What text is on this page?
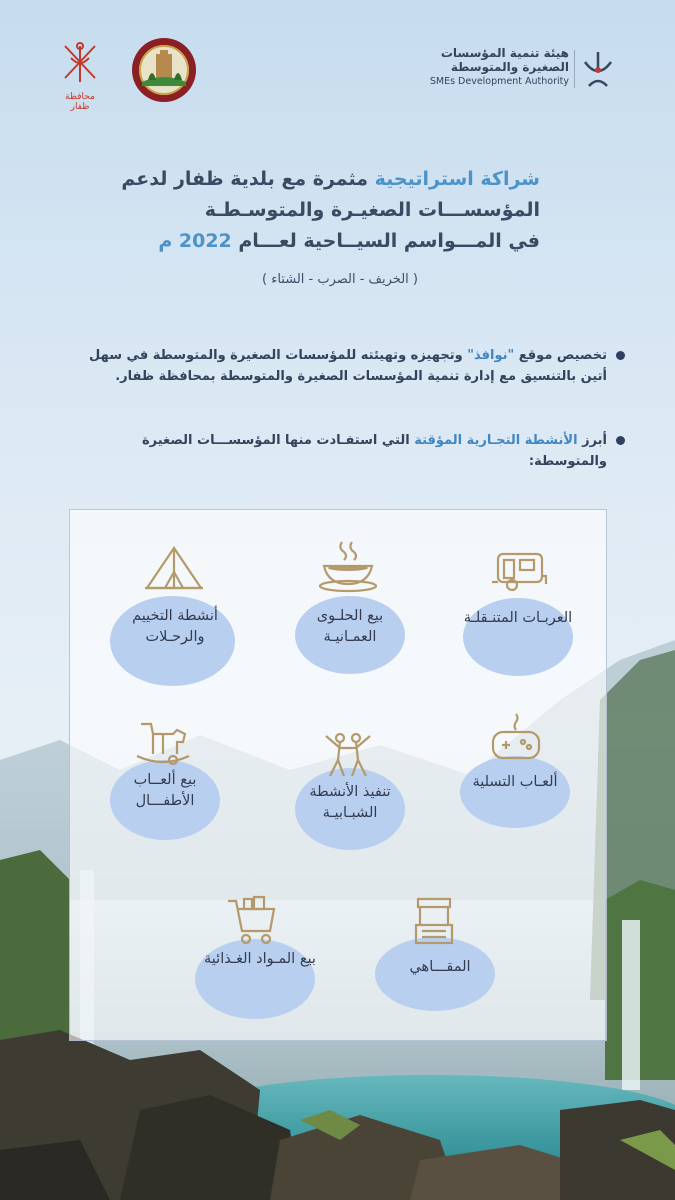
محافظة ظفار
هيئة تنمية المؤسسات
الصغيرة والمتوسطة
SMEs Development Authority
شراكة استراتيجية مثمرة مع بلدية ظفار لدعم
المؤسســـات الصغيـرة والمتوسـطـة
في المـــواسم السيــاحية لعـــام 2022 م
( الخريف - الصرب - الشتاء )
تخصيص موقع "نوافذ" وتجهيزه وتهيئته للمؤسسات الصغيرة والمتوسطة في سهل أتين بالتنسيق مع إدارة تنمية المؤسسات الصغيرة والمتوسطة بمحافظة ظفار.
أبرز الأنشطة التجـارية المؤقتة التي استفـادت منها المؤسســـات الصغيرة والمتوسطة:
العربـات المتنـقلـة
بيع الحلـوى العمـانيـة
أنشطة التخييم والرحـلات
ألعـاب التسلية
تنفيذ الأنشطة الشبـابيـة
بيع ألعــاب الأطفـــال
المقـــاهي
بيع المـواد الغـذائية
